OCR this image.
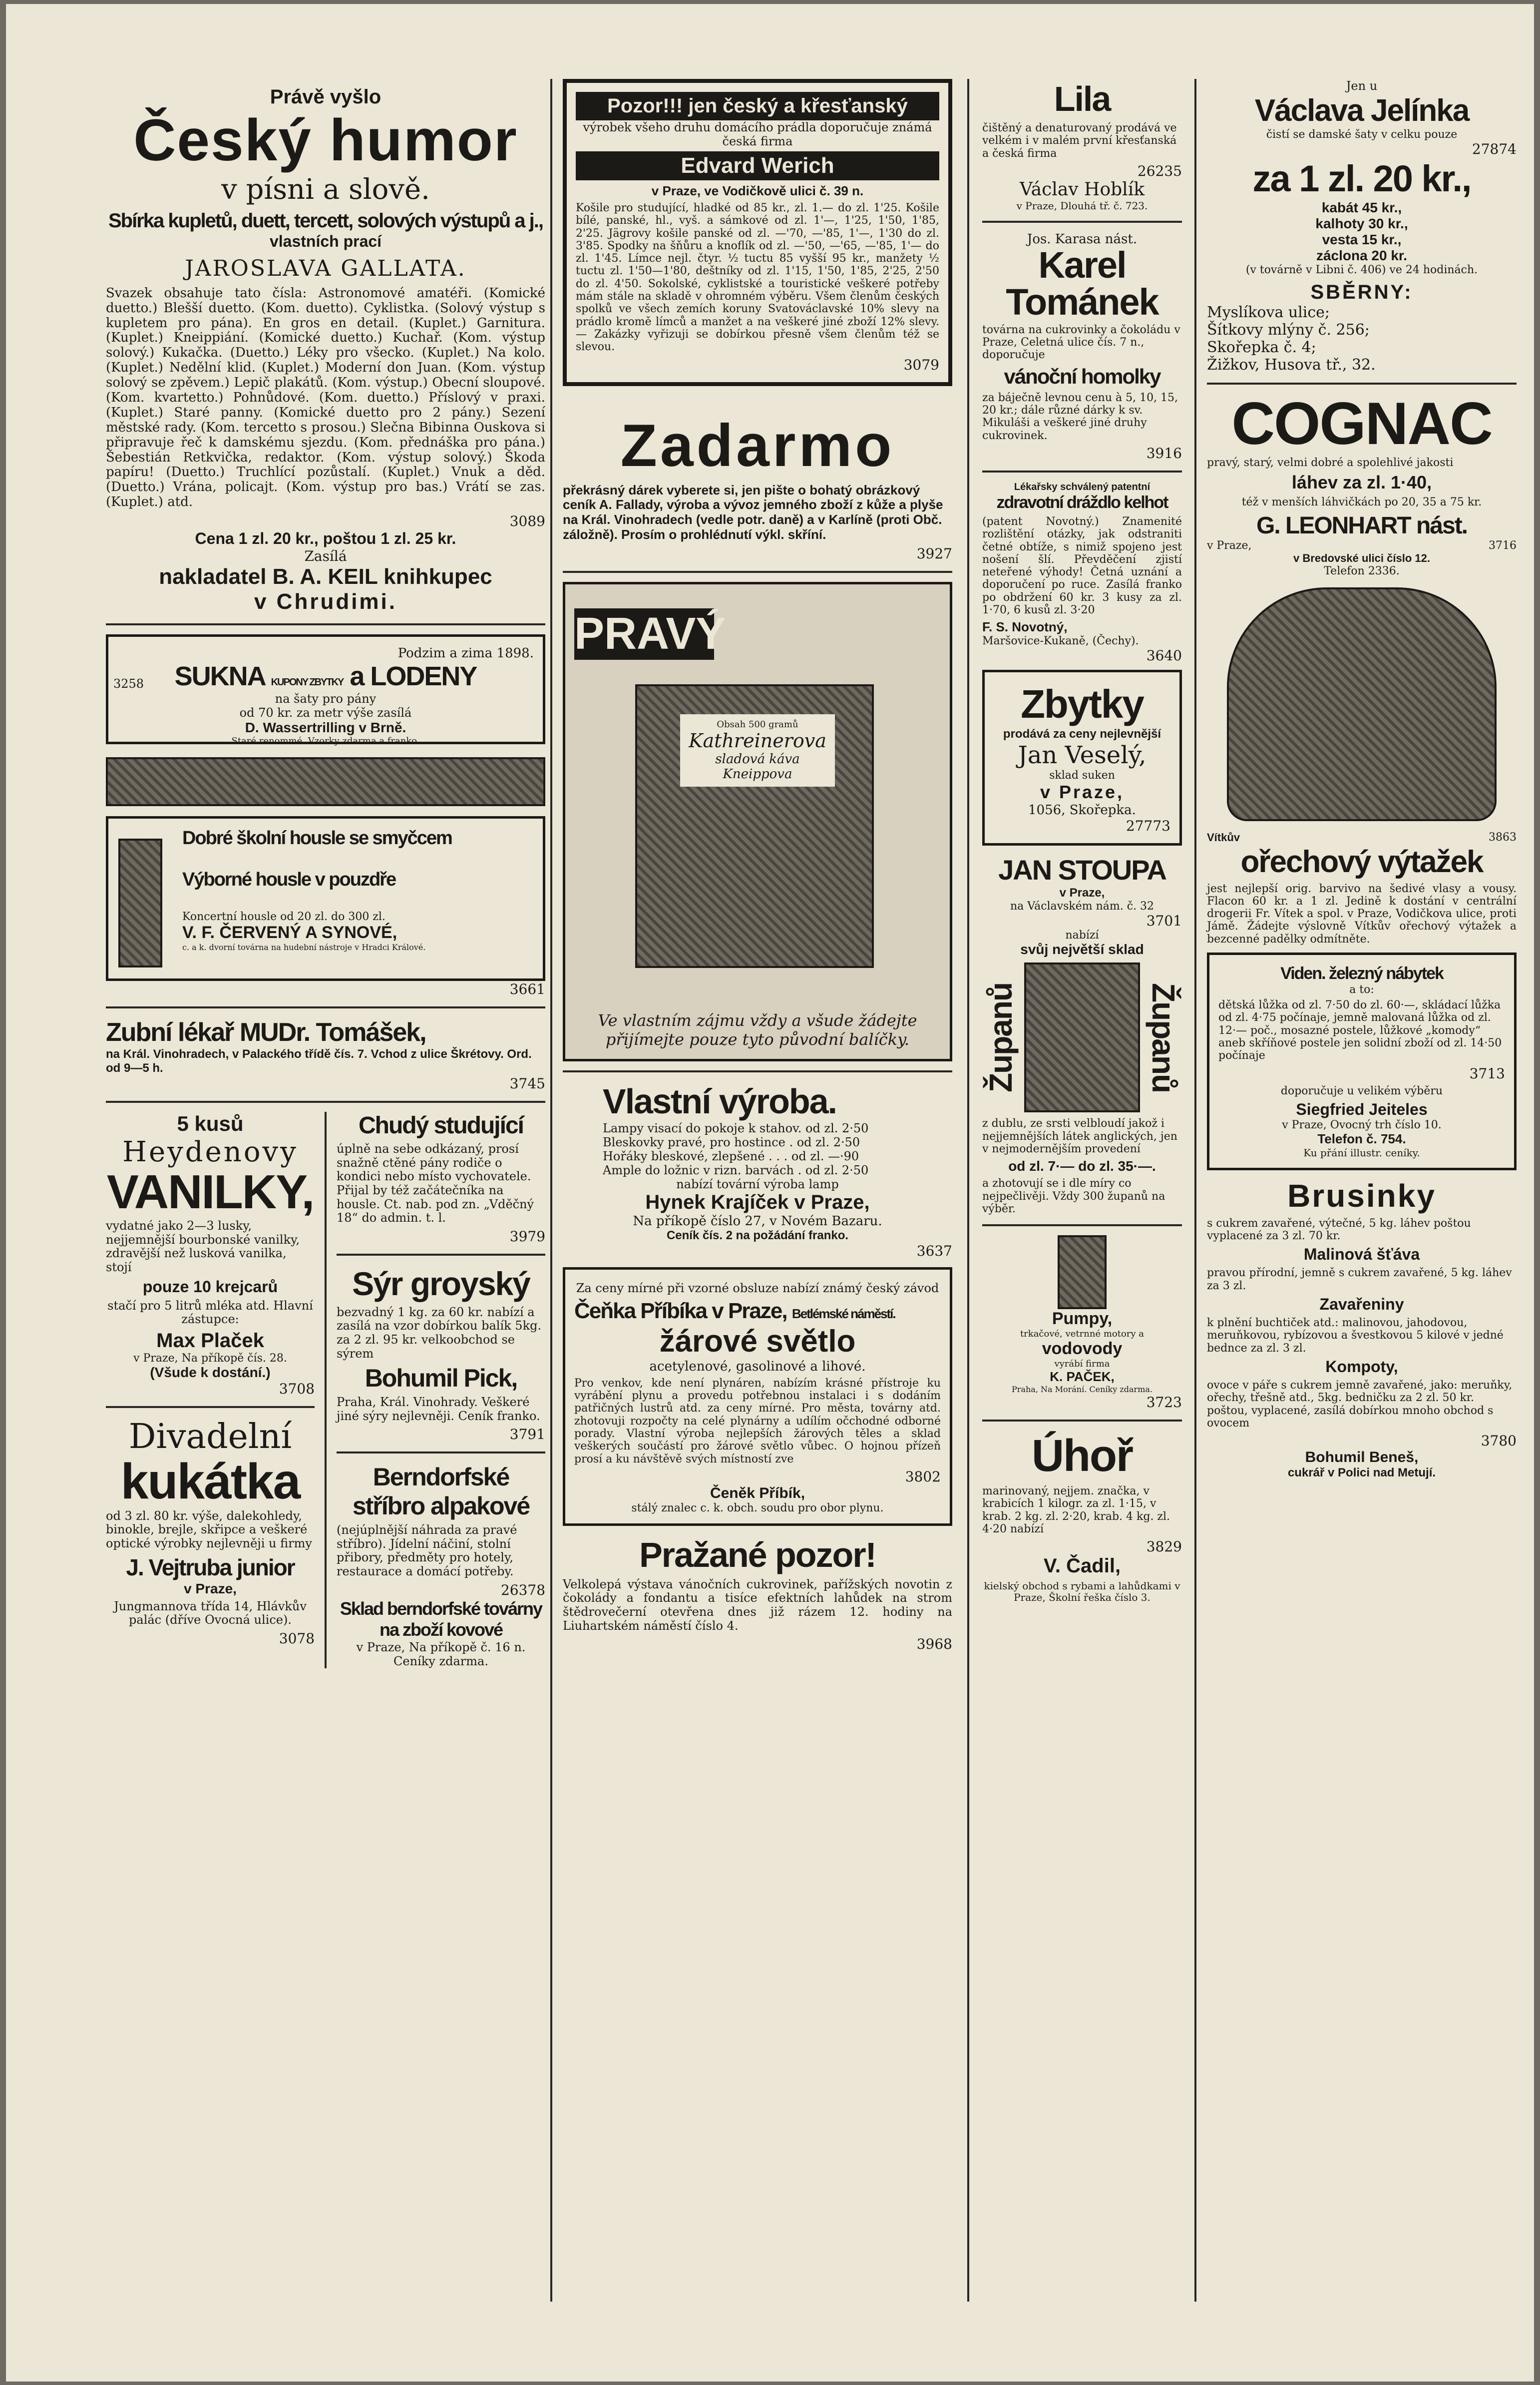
Právě vyšlo
Český humor
v písni a slově.
Sbírka kupletů, duett, tercett, solových výstupů a j.,
vlastních prací
JAROSLAVA GALLATA.

Svazek obsahuje tato čísla: Astronomové amatéři. (Komické duetto.) Blešší duetto. (Kom. duetto). Cyklistka. (Solový výstup s kupletem pro pána). En gros en detail. (Kuplet.) Garnitura. (Kuplet.) Kneippiání. (Komické duetto.) Kuchař. (Kom. výstup solový.) Kukačka. (Duetto.) Léky pro všecko. (Kuplet.) Na kolo. (Kuplet.) Nedělní klid. (Kuplet.) Moderní don Juan. (Kom. výstup solový se zpěvem.) Lepič plakátů. (Kom. výstup.) Obecní sloupové. (Kom. kvartetto.) Pohnůdové. (Kom. duetto.) Příslový v praxi. (Kuplet.) Staré panny. (Komické duetto pro 2 pány.) Sezení městské rady. (Kom. tercetto s prosou.) Slečna Bibinna Ouskova si připravuje řeč k damskému sjezdu. (Kom. přednáška pro pána.) Šebestián Retkvička, redaktor. (Kom. výstup solový.) Škoda papíru! (Duetto.) Truchlící pozůstalí. (Kuplet.) Vnuk a děd. (Duetto.) Vrána, policajt. (Kom. výstup pro bas.) Vrátí se zas. (Kuplet.) atd.

3089
Cena 1 zl. 20 kr., poštou 1 zl. 25 kr.
Zasílá
nakladatel B. A. KEIL knihkupec
v Chrudimi.
3258
Podzim a zima 1898.
SUKNA KUPONY ZBYTKY a LODENY
na šaty pro pány
od 70 kr. za metr výše zasílá
D. Wassertrilling v Brně.
Staré renommé. Vzorky zdarma a franko.
Dobré školní housle se smyčcem
Výborné housle v pouzdře
Koncertní housle od 20 zl. do 300 zl.
V. F. ČERVENÝ A SYNOVÉ,
c. a k. dvorní továrna na hudební nástroje v Hradci Králové.
3661
Zubní lékař MUDr. Tomášek,
na Král. Vinohradech, v Palackého třídě čís. 7. Vchod z ulice Škrétovy. Ord. od 9—5 h.
3745
5 kusů
Heydenovy
VANILKY,

vydatné jako 2—3 lusky, nejjemnější bourbonské vanilky, zdravější než lusková vanilka, stojí

pouze 10 krejcarů

stačí pro 5 litrů mléka atd. Hlavní zástupce:

Max Plaček
v Praze, Na příkopě čís. 28.
(Všude k dostání.)
3708
Divadelní
kukátka

od 3 zl. 80 kr. výše, dalekohledy, binokle, brejle, skřipce a veškeré optické výrobky nejlevněji u firmy

J. Vejtruba junior
v Praze,

Jungmannova třída 14, Hlávkův palác (dříve Ovocná ulice).

3078
Chudý studující

úplně na sebe odkázaný, prosí snažně ctěné pány rodiče o kondici nebo místo vychovatele. Přijal by též začátečníka na housle. Ct. nab. pod zn. „Vděčný 18“ do admin. t. l.

3979
Sýr groyský

bezvadný 1 kg. za 60 kr. nabízí a zasílá na vzor dobírkou balík 5kg. za 2 zl. 95 kr. velkoobchod se sýrem

Bohumil Pick,

Praha, Král. Vinohrady. Veškeré jiné sýry nejlevněji. Ceník franko.

3791
Berndorfské stříbro alpakové

(nejúplnější náhrada za pravé stříbro). Jídelní náčiní, stolní přibory, předměty pro hotely, restaurace a domácí potřeby.

26378
Sklad berndorfské továrny na zboží kovové
v Praze, Na příkopě č. 16 n.
Ceníky zdarma.
Pozor!!! jen český a křesťanský
výrobek všeho druhu domácího prádla doporučuje známá česká firma
Edvard Werich
v Praze, ve Vodičkově ulici č. 39 n.

Košile pro studující, hladké od 85 kr., zl. 1.— do zl. 1'25. Košile bílé, panské, hl., vyš. a sámkové od zl. 1'—, 1'25, 1'50, 1'85, 2'25. Jägrovy košile panské od zl. —'70, —'85, 1'—, 1'30 do zl. 3'85. Spodky na šňůru a knoflík od zl. —'50, —'65, —'85, 1'— do zl. 1'45. Límce nejl. čtyr. ½ tuctu 85 vyšší 95 kr., manžety ½ tuctu zl. 1'50—1'80, deštníky od zl. 1'15, 1'50, 1'85, 2'25, 2'50 do zl. 4'50. Sokolské, cyklistské a touristické veškeré potřeby mám stále na skladě v ohromném výběru. Všem členům českých spolků ve všech zemích koruny Svatováclavské 10% slevy na prádlo kromě límců a manžet a na veškeré jiné zboží 12% slevy. — Zakázky vyřizuji se dobírkou přesně všem členům též se slevou.

3079
Zadarmo

překrásný dárek vyberete si, jen pište o bohatý obrázkový ceník A. Fallady, výroba a vývoz jemného zboží z kůže a plyše na Král. Vinohradech (vedle potr. daně) a v Karlíně (proti Obč. záložně). Prosím o prohlédnutí výkl. skříní.

3927
PRAVÝ
Obsah 500 gramů
Kathreinerova
sladová káva Kneippova
Ve vlastním zájmu vždy a všude žádejte přijímejte pouze tyto původní balíčky.
Vlastní výroba.
Lampy visací do pokoje k stahov. od zl. 2·50
Bleskovky pravé, pro hostince . od zl. 2·50
Hořáky bleskové, zlepšené . . . od zl. —·90
Ample do ložnic v rizn. barvách . od zl. 2·50
nabízí tovární výroba lamp
Hynek Krajíček v Praze,
Na příkopě číslo 27, v Novém Bazaru.
Ceník čís. 2 na požádání franko.
3637

Za ceny mírné při vzorné obsluze nabízí známý český závod

Čeňka Příbíka v Praze, Betlémské náměstí.
žárové světlo
acetylenové, gasolinové a lihové.

Pro venkov, kde není plynáren, nabízím krásné přístroje ku vyrábění plynu a provedu potřebnou instalaci i s dodáním patřičných lustrů atd. za ceny mírné. Pro města, továrny atd. zhotovuji rozpočty na celé plynárny a udílím očchodné odborné porady. Vlastní výroba nejlepších žárových těles a sklad veškerých součástí pro žárové světlo vůbec. O hojnou přízeň prosí a ku návštěvě svých místností zve

3802
Čeněk Příbík,
stálý znalec c. k. obch. soudu pro obor plynu.
Pražané pozor!

Velkolepá výstava vánočních cukrovinek, pařížských novotin z čokolády a fondantu a tisíce efektních lahůdek na strom štědrovečerní otevřena dnes již rázem 12. hodiny na Liuhartském náměstí číslo 4.

3968
Lila

čištěný a denaturovaný prodává ve velkém i v malém první křesťanská a česká firma

26235
Václav Hoblík
v Praze, Dlouhá tř. č. 723.
Jos. Karasa nást.
Karel Tománek

továrna na cukrovinky a čokoládu v Praze, Celetná ulice čís. 7 n., doporučuje

vánoční homolky

za báječně levnou cenu à 5, 10, 15, 20 kr.; dále různé dárky k sv. Mikuláši a veškeré jiné druhy cukrovinek.

3916
Lékařsky schválený patentní
zdravotní dráždlo kelhot

(patent Novotný.) Znamenité rozlištění otázky, jak odstraniti četné obtíže, s nimiž spojeno jest nošení šlí. Převděčení zjistí neteřené výhody! Četná uznání a doporučení po ruce. Zasílá franko po obdržení 60 kr. 3 kusy za zl. 1·70, 6 kusů zl. 3·20

F. S. Novotný,
Maršovice-Kukaně, (Čechy).
3640
Zbytky
prodává za ceny nejlevnější
Jan Veselý,
sklad suken
v Praze,
1056, Skořepka.
27773
JAN STOUPA
v Praze,
na Václavském nám. č. 32
3701
nabízí
svůj největší sklad
Županů	Županů

z dublu, ze srsti velbloudí jakož i nejjemnějších látek anglických, jen v nejmodernějším provedení

od zl. 7·— do zl. 35·—.

a zhotovují se i dle míry co nejpečlivěji. Vždy 300 županů na výběr.

Pumpy,
trkačové, vetrnné motory a
vodovody
vyrábí firma
K. PAČEK,
Praha, Na Morání. Ceníky zdarma.
3723
Úhoř

marinovaný, nejjem. značka, v krabicích 1 kilogr. za zl. 1·15, v krab. 2 kg. zl. 2·20, krab. 4 kg. zl. 4·20 nabízí

3829
V. Čadil,

kielský obchod s rybami a lahůdkami v Praze, Školní řeška číslo 3.

Jen u
Václava Jelínka
čistí se damské šaty v celku pouze
27874
za 1 zl. 20 kr.,
kabát 45 kr.,
kalhoty 30 kr.,
vesta 15 kr.,
záclona 20 kr.
(v továrně v Libni č. 406) ve 24 hodinách.
SBĚRNY:
Myslíkova ulice;
Šítkovy mlýny č. 256;
Skořepka č. 4;
Žižkov, Husova tř., 32.
COGNAC

pravý, starý, velmi dobré a spolehlivé jakosti

láhev za zl. 1·40,

též v menších láhvičkách po 20, 35 a 75 kr.

G. LEONHART nást.
v Praze,	3716
v Bredovské ulici číslo 12.
Telefon 2336.
Vítkův	3863
ořechový výtažek

jest nejlepší orig. barvivo na šedivé vlasy a vousy. Flacon 60 kr. a 1 zl. Jedině k dostání v centrální drogerii Fr. Vítek a spol. v Praze, Vodičkova ulice, proti Jámě. Žádejte výslovně Vítkův ořechový výtažek a bezcenné padělky odmítněte.

Viden. železný nábytek
a to:

dětská lůžka od zl. 7·50 do zl. 60·—, skládací lůžka od zl. 4·75 počínaje, jemně malovaná lůžka od zl. 12·— poč., mosazné postele, lůžkové „komody“ aneb skříňové postele jen solidní zboží od zl. 14·50 počínaje

3713

doporučuje u velikém výběru

Siegfried Jeiteles
v Praze, Ovocný trh číslo 10.
Telefon č. 754.
Ku přání illustr. ceníky.
Brusinky

s cukrem zavařené, výtečné, 5 kg. láhev poštou vyplacené za 3 zl. 70 kr.

Malinová šťáva

pravou přírodní, jemně s cukrem zavařené, 5 kg. láhev za 3 zl.

Zavařeniny

k plnění buchtiček atd.: malinovou, jahodovou, meruňkovou, rybízovou a švestkovou 5 kilové v jedné bednce za zl. 3 zl.

Kompoty,

ovoce v páře s cukrem jemně zavařené, jako: meruňky, ořechy, třešně atd., 5kg. bedničku za 2 zl. 50 kr. poštou, vyplacené, zasílá dobírkou mnoho obchod s ovocem

3780
Bohumil Beneš,
cukrář v Polici nad Metují.
